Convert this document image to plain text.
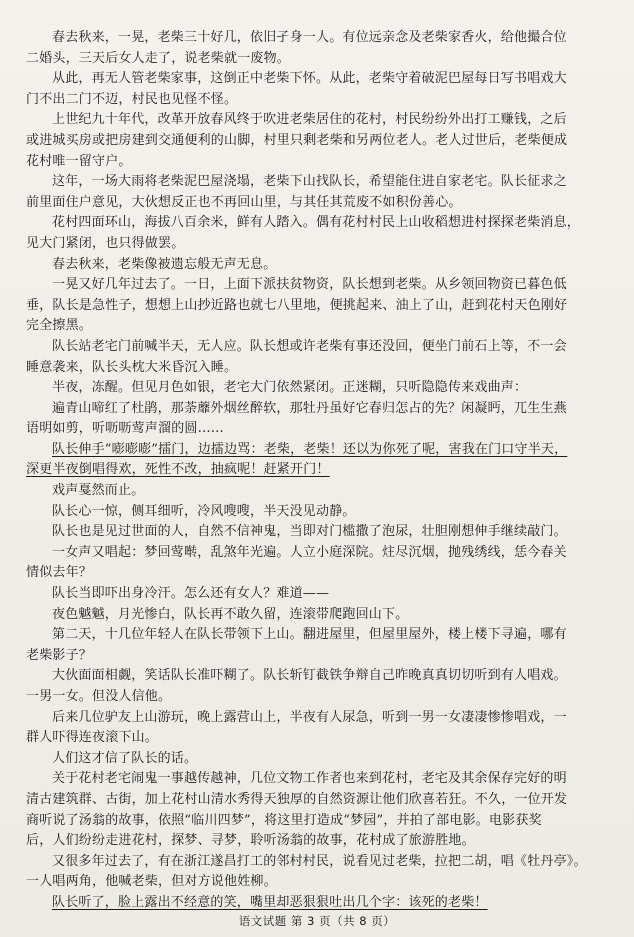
春去秋来，一晃，老柴三十好几，依旧孑身一人。有位远亲念及老柴家香火，给他撮合位
二婚头，三天后女人走了，说老柴就一废物。
从此，再无人管老柴家事，这倒正中老柴下怀。从此，老柴守着破泥巴屋每日写书唱戏大
门不出二门不迈，村民也见怪不怪。
上世纪九十年代，改革开放春风终于吹进老柴居住的花村，村民纷纷外出打工赚钱，之后
或进城买房或把房建到交通便利的山脚，村里只剩老柴和另两位老人。老人过世后，老柴便成
花村唯一留守户。
这年，一场大雨将老柴泥巴屋浇塌，老柴下山找队长，希望能住进自家老宅。队长征求之
前里面住户意见，大伙想反正也不再回山里，与其任其荒废不如积份善心。
花村四面环山，海拔八百余米，鲜有人踏入。偶有花村村民上山收稻想进村探探老柴消息，
见大门紧闭，也只得做罢。
春去秋来，老柴像被遗忘般无声无息。
一晃又好几年过去了。一日，上面下派扶贫物资，队长想到老柴。从乡领回物资已暮色低
垂，队长是急性子，想想上山抄近路也就七八里地，便挑起来、油上了山，赶到花村天色刚好
完全擦黑。
队长站老宅门前喊半天，无人应。队长想或许老柴有事还没回，便坐门前石上等，不一会
睡意袭来，队长头枕大米昏沉入睡。
半夜，冻醒。但见月色如银，老宅大门依然紧闭。正迷糊，只听隐隐传来戏曲声：
遍青山啼红了杜鹃，那荼蘼外烟丝醉软，那牡丹虽好它春归怎占的先？闲凝眄，兀生生燕
语明如剪，听呖呖莺声溜的圆……
队长伸手“嘭嘭嘭”擂门，边擂边骂：老柴，老柴！还以为你死了呢，害我在门口守半天，
深更半夜倒唱得欢，死性不改，抽疯呢！赶紧开门！
戏声戛然而止。
队长心一惊，侧耳细听，冷风嗖嗖，半天没见动静。
队长也是见过世面的人，自然不信神鬼，当即对门槛撒了泡尿，壮胆刚想伸手继续敲门。
一女声又唱起：梦回莺啭，乱煞年光遍。人立小庭深院。炷尽沉烟，抛残绣线，恁今春关
情似去年？
队长当即吓出身冷汗。怎么还有女人？难道——
夜色魆魆，月光惨白，队长再不敢久留，连滚带爬跑回山下。
第二天，十几位年轻人在队长带领下上山。翻进屋里，但屋里屋外，楼上楼下寻遍，哪有
老柴影子？
大伙面面相觑，笑话队长准吓糊了。队长斩钉截铁争辩自己昨晚真真切切听到有人唱戏。
一男一女。但没人信他。
后来几位驴友上山游玩，晚上露营山上，半夜有人尿急，听到一男一女凄凄惨惨唱戏，一
群人吓得连夜滚下山。
人们这才信了队长的话。
关于花村老宅闹鬼一事越传越神，几位文物工作者也来到花村，老宅及其余保存完好的明
清古建筑群、古街，加上花村山清水秀得天独厚的自然资源让他们欣喜若狂。不久，一位开发
商听说了汤翁的故事，依照“临川四梦”，将这里打造成“梦园”，并拍了部电影。电影获奖
后，人们纷纷走进花村，探梦、寻梦，聆听汤翁的故事，花村成了旅游胜地。
又很多年过去了，有在浙江遂昌打工的邻村村民，说看见过老柴，拉把二胡，唱《牡丹亭》。
一人唱两角，他喊老柴，但对方说他姓柳。
队长听了，脸上露出不经意的笑，嘴里却恶狠狠吐出几个字：该死的老柴！
语文试题 第 3 页（共 8 页）
